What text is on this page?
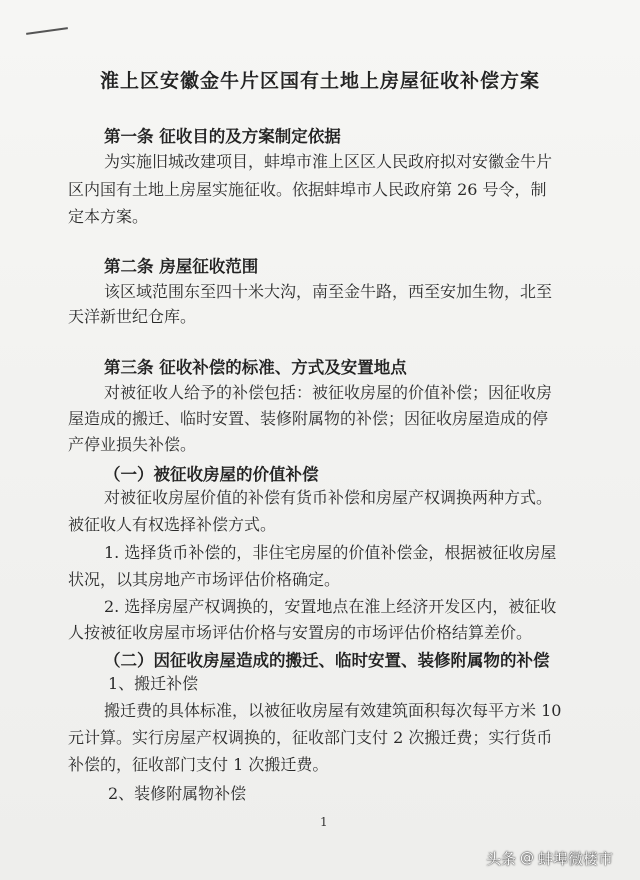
淮上区安徽金牛片区国有土地上房屋征收补偿方案
第一条 征收目的及方案制定依据
为实施旧城改建项目，蚌埠市淮上区区人民政府拟对安徽金牛片
区内国有土地上房屋实施征收。依据蚌埠市人民政府第 26 号令，制
定本方案。
第二条 房屋征收范围
该区域范围东至四十米大沟，南至金牛路，西至安加生物，北至
天洋新世纪仓库。
第三条 征收补偿的标准、方式及安置地点
对被征收人给予的补偿包括：被征收房屋的价值补偿；因征收房
屋造成的搬迁、临时安置、装修附属物的补偿；因征收房屋造成的停
产停业损失补偿。
（一）被征收房屋的价值补偿
对被征收房屋价值的补偿有货币补偿和房屋产权调换两种方式。
被征收人有权选择补偿方式。
1. 选择货币补偿的，非住宅房屋的价值补偿金，根据被征收房屋
状况，以其房地产市场评估价格确定。
2. 选择房屋产权调换的，安置地点在淮上经济开发区内，被征收
人按被征收房屋市场评估价格与安置房的市场评估价格结算差价。
（二）因征收房屋造成的搬迁、临时安置、装修附属物的补偿
1、搬迁补偿
搬迁费的具体标准，以被征收房屋有效建筑面积每次每平方米 10
元计算。实行房屋产权调换的，征收部门支付 2 次搬迁费；实行货币
补偿的，征收部门支付 1 次搬迁费。
2、装修附属物补偿
1
头条 @ 蚌埠微楼市
